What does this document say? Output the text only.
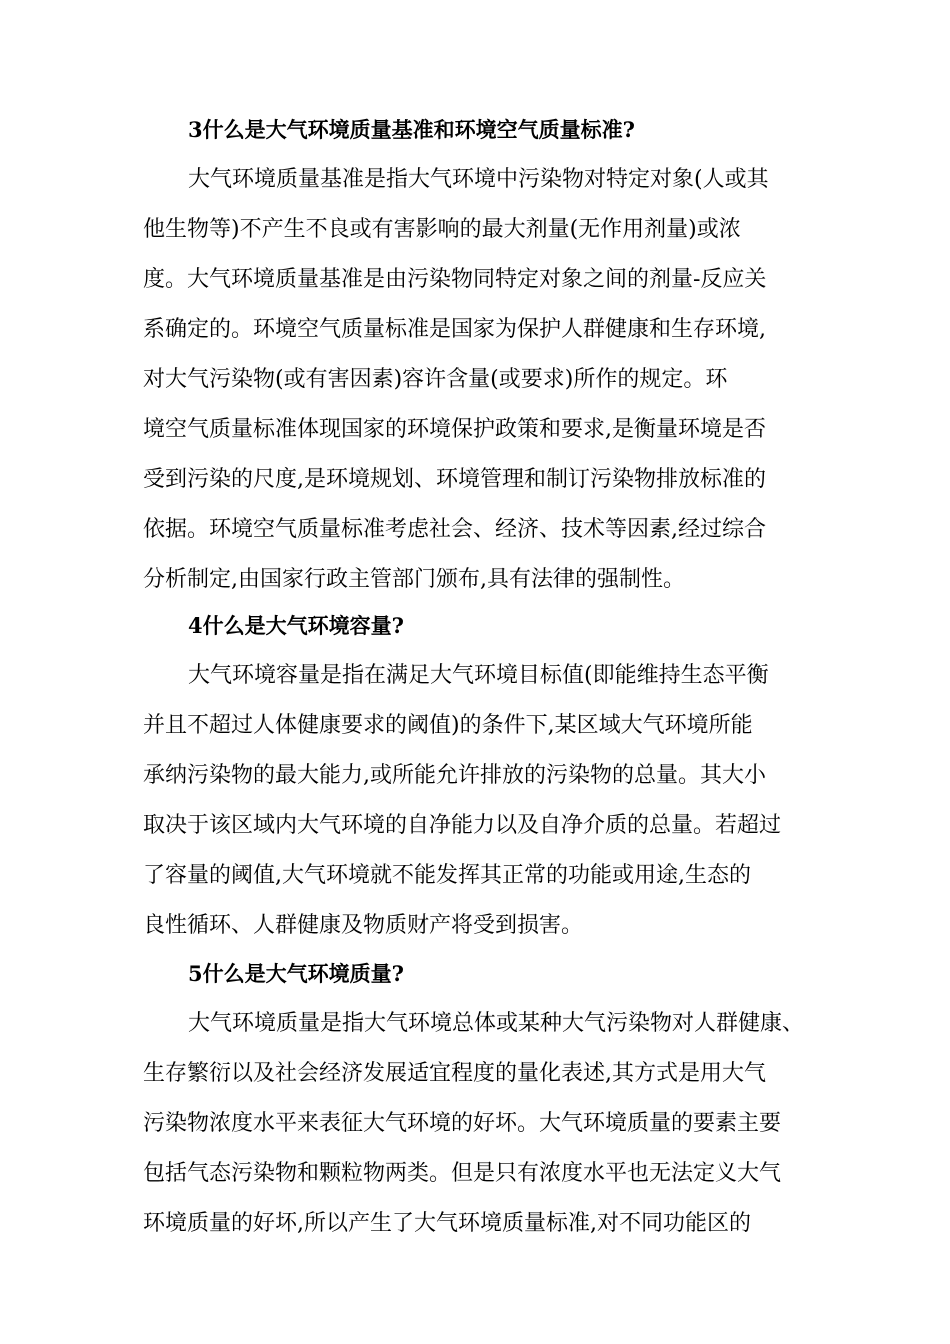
3什么是大气环境质量基准和环境空气质量标准?
大气环境质量基准是指大气环境中污染物对特定对象(人或其
他生物等)不产生不良或有害影响的最大剂量(无作用剂量)或浓
度。大气环境质量基准是由污染物同特定对象之间的剂量-反应关
系确定的。环境空气质量标准是国家为保护人群健康和生存环境,
对大气污染物(或有害因素)容许含量(或要求)所作的规定。环
境空气质量标准体现国家的环境保护政策和要求,是衡量环境是否
受到污染的尺度,是环境规划、环境管理和制订污染物排放标准的
依据。环境空气质量标准考虑社会、经济、技术等因素,经过综合
分析制定,由国家行政主管部门颁布,具有法律的强制性。
4什么是大气环境容量?
大气环境容量是指在满足大气环境目标值(即能维持生态平衡
并且不超过人体健康要求的阈值)的条件下,某区域大气环境所能
承纳污染物的最大能力,或所能允许排放的污染物的总量。其大小
取决于该区域内大气环境的自净能力以及自净介质的总量。若超过
了容量的阈值,大气环境就不能发挥其正常的功能或用途,生态的
良性循环、人群健康及物质财产将受到损害。
5什么是大气环境质量?
大气环境质量是指大气环境总体或某种大气污染物对人群健康、
生存繁衍以及社会经济发展适宜程度的量化表述,其方式是用大气
污染物浓度水平来表征大气环境的好坏。大气环境质量的要素主要
包括气态污染物和颗粒物两类。但是只有浓度水平也无法定义大气
环境质量的好坏,所以产生了大气环境质量标准,对不同功能区的
